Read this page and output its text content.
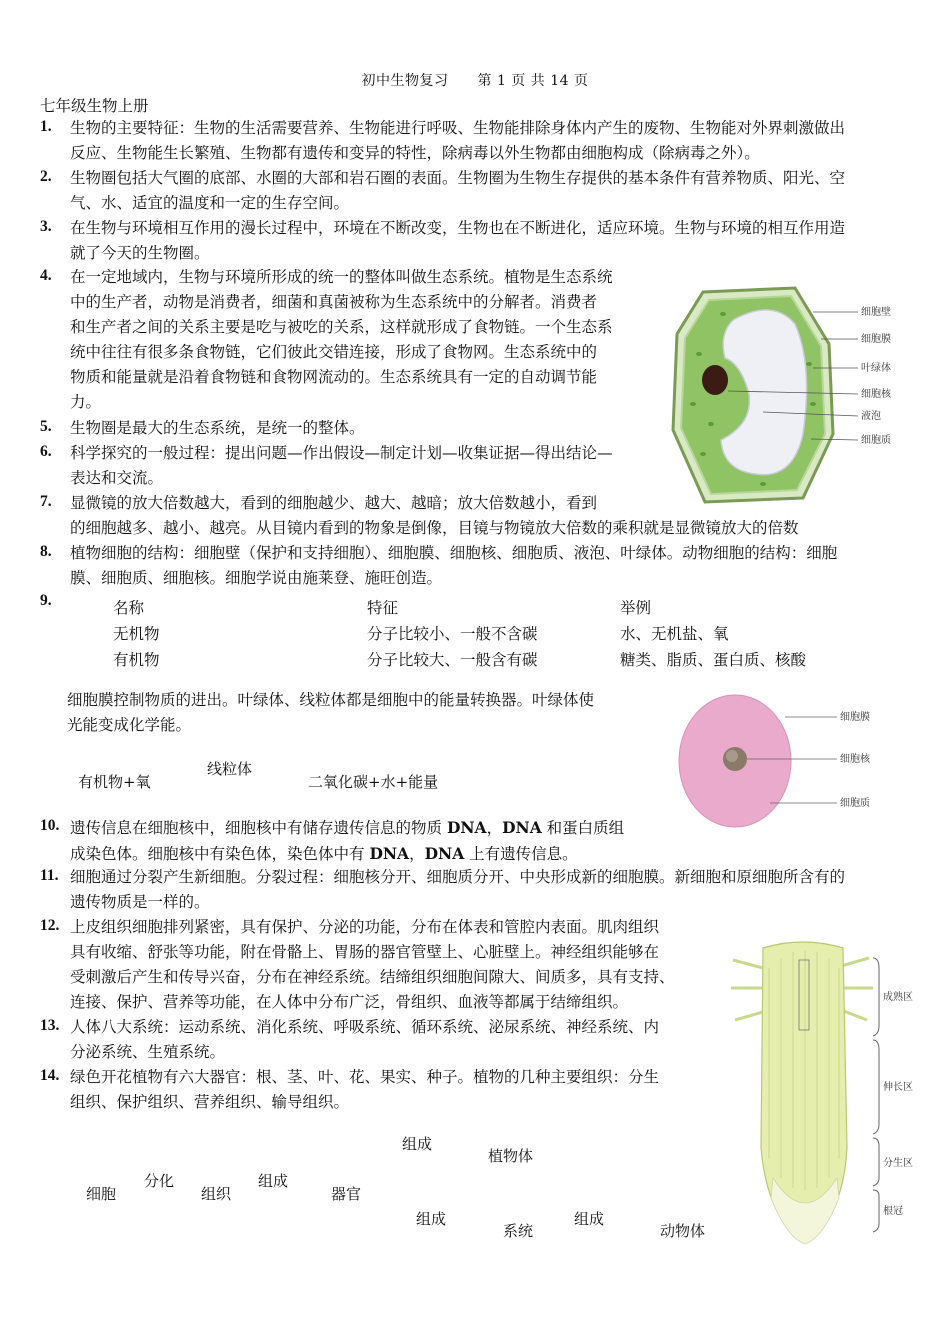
初中生物复习　　第 1 页 共 14 页
七年级生物上册
1. 生物的主要特征：生物的生活需要营养、生物能进行呼吸、生物能排除身体内产生的废物、生物能对外界刺激做出
反应、生物能生长繁殖、生物都有遗传和变异的特性，除病毒以外生物都由细胞构成（除病毒之外）。
2. 生物圈包括大气圈的底部、水圈的大部和岩石圈的表面。生物圈为生物生存提供的基本条件有营养物质、阳光、空
气、水、适宜的温度和一定的生存空间。
3. 在生物与环境相互作用的漫长过程中，环境在不断改变，生物也在不断进化，适应环境。生物与环境的相互作用造
就了今天的生物圈。
4. 在一定地域内，生物与环境所形成的统一的整体叫做生态系统。植物是生态系统
中的生产者，动物是消费者，细菌和真菌被称为生态系统中的分解者。消费者
和生产者之间的关系主要是吃与被吃的关系，这样就形成了食物链。一个生态系
统中往往有很多条食物链，它们彼此交错连接，形成了食物网。生态系统中的
物质和能量就是沿着食物链和食物网流动的。生态系统具有一定的自动调节能
力。
5. 生物圈是最大的生态系统，是统一的整体。
6. 科学探究的一般过程：提出问题—作出假设—制定计划—收集证据—得出结论—
表达和交流。
7. 显微镜的放大倍数越大，看到的细胞越少、越大、越暗；放大倍数越小，看到
的细胞越多、越小、越亮。从目镜内看到的物象是倒像，目镜与物镜放大倍数的乘积就是显微镜放大的倍数
8. 植物细胞的结构：细胞壁（保护和支持细胞）、细胞膜、细胞核、细胞质、液泡、叶绿体。动物细胞的结构：细胞
膜、细胞质、细胞核。细胞学说由施莱登、施旺创造。
9.	名称	特征	举例
无机物	分子比较小、一般不含碳	水、无机盐、氧
有机物	分子比较大、一般含有碳	糖类、脂质、蛋白质、核酸
细胞膜控制物质的进出。叶绿体、线粒体都是细胞中的能量转换器。叶绿体使
光能变成化学能。
有机物+氧
线粒体
二氧化碳+水+能量
10. 遗传信息在细胞核中，细胞核中有储存遗传信息的物质 DNA，DNA 和蛋白质组
成染色体。细胞核中有染色体，染色体中有 DNA，DNA 上有遗传信息。
11. 细胞通过分裂产生新细胞。分裂过程：细胞核分开、细胞质分开、中央形成新的细胞膜。新细胞和原细胞所含有的
遗传物质是一样的。
12. 上皮组织细胞排列紧密，具有保护、分泌的功能，分布在体表和管腔内表面。肌肉组织
具有收缩、舒张等功能，附在骨骼上、胃肠的器官管壁上、心脏壁上。神经组织能够在
受刺激后产生和传导兴奋，分布在神经系统。结缔组织细胞间隙大、间质多，具有支持、
连接、保护、营养等功能，在人体中分布广泛，骨组织、血液等都属于结缔组织。
13. 人体八大系统：运动系统、消化系统、呼吸系统、循环系统、泌尿系统、神经系统、内
分泌系统、生殖系统。
14. 绿色开花植物有六大器官：根、茎、叶、花、果实、种子。植物的几种主要组织：分生
组织、保护组织、营养组织、输导组织。
细胞
分化
组织
组成
器官
组成
植物体
组成
系统
组成
动物体
细胞壁
细胞膜
叶绿体
细胞核
液泡
细胞质
细胞膜
细胞核
细胞质
成熟区
伸长区
分生区
根冠
